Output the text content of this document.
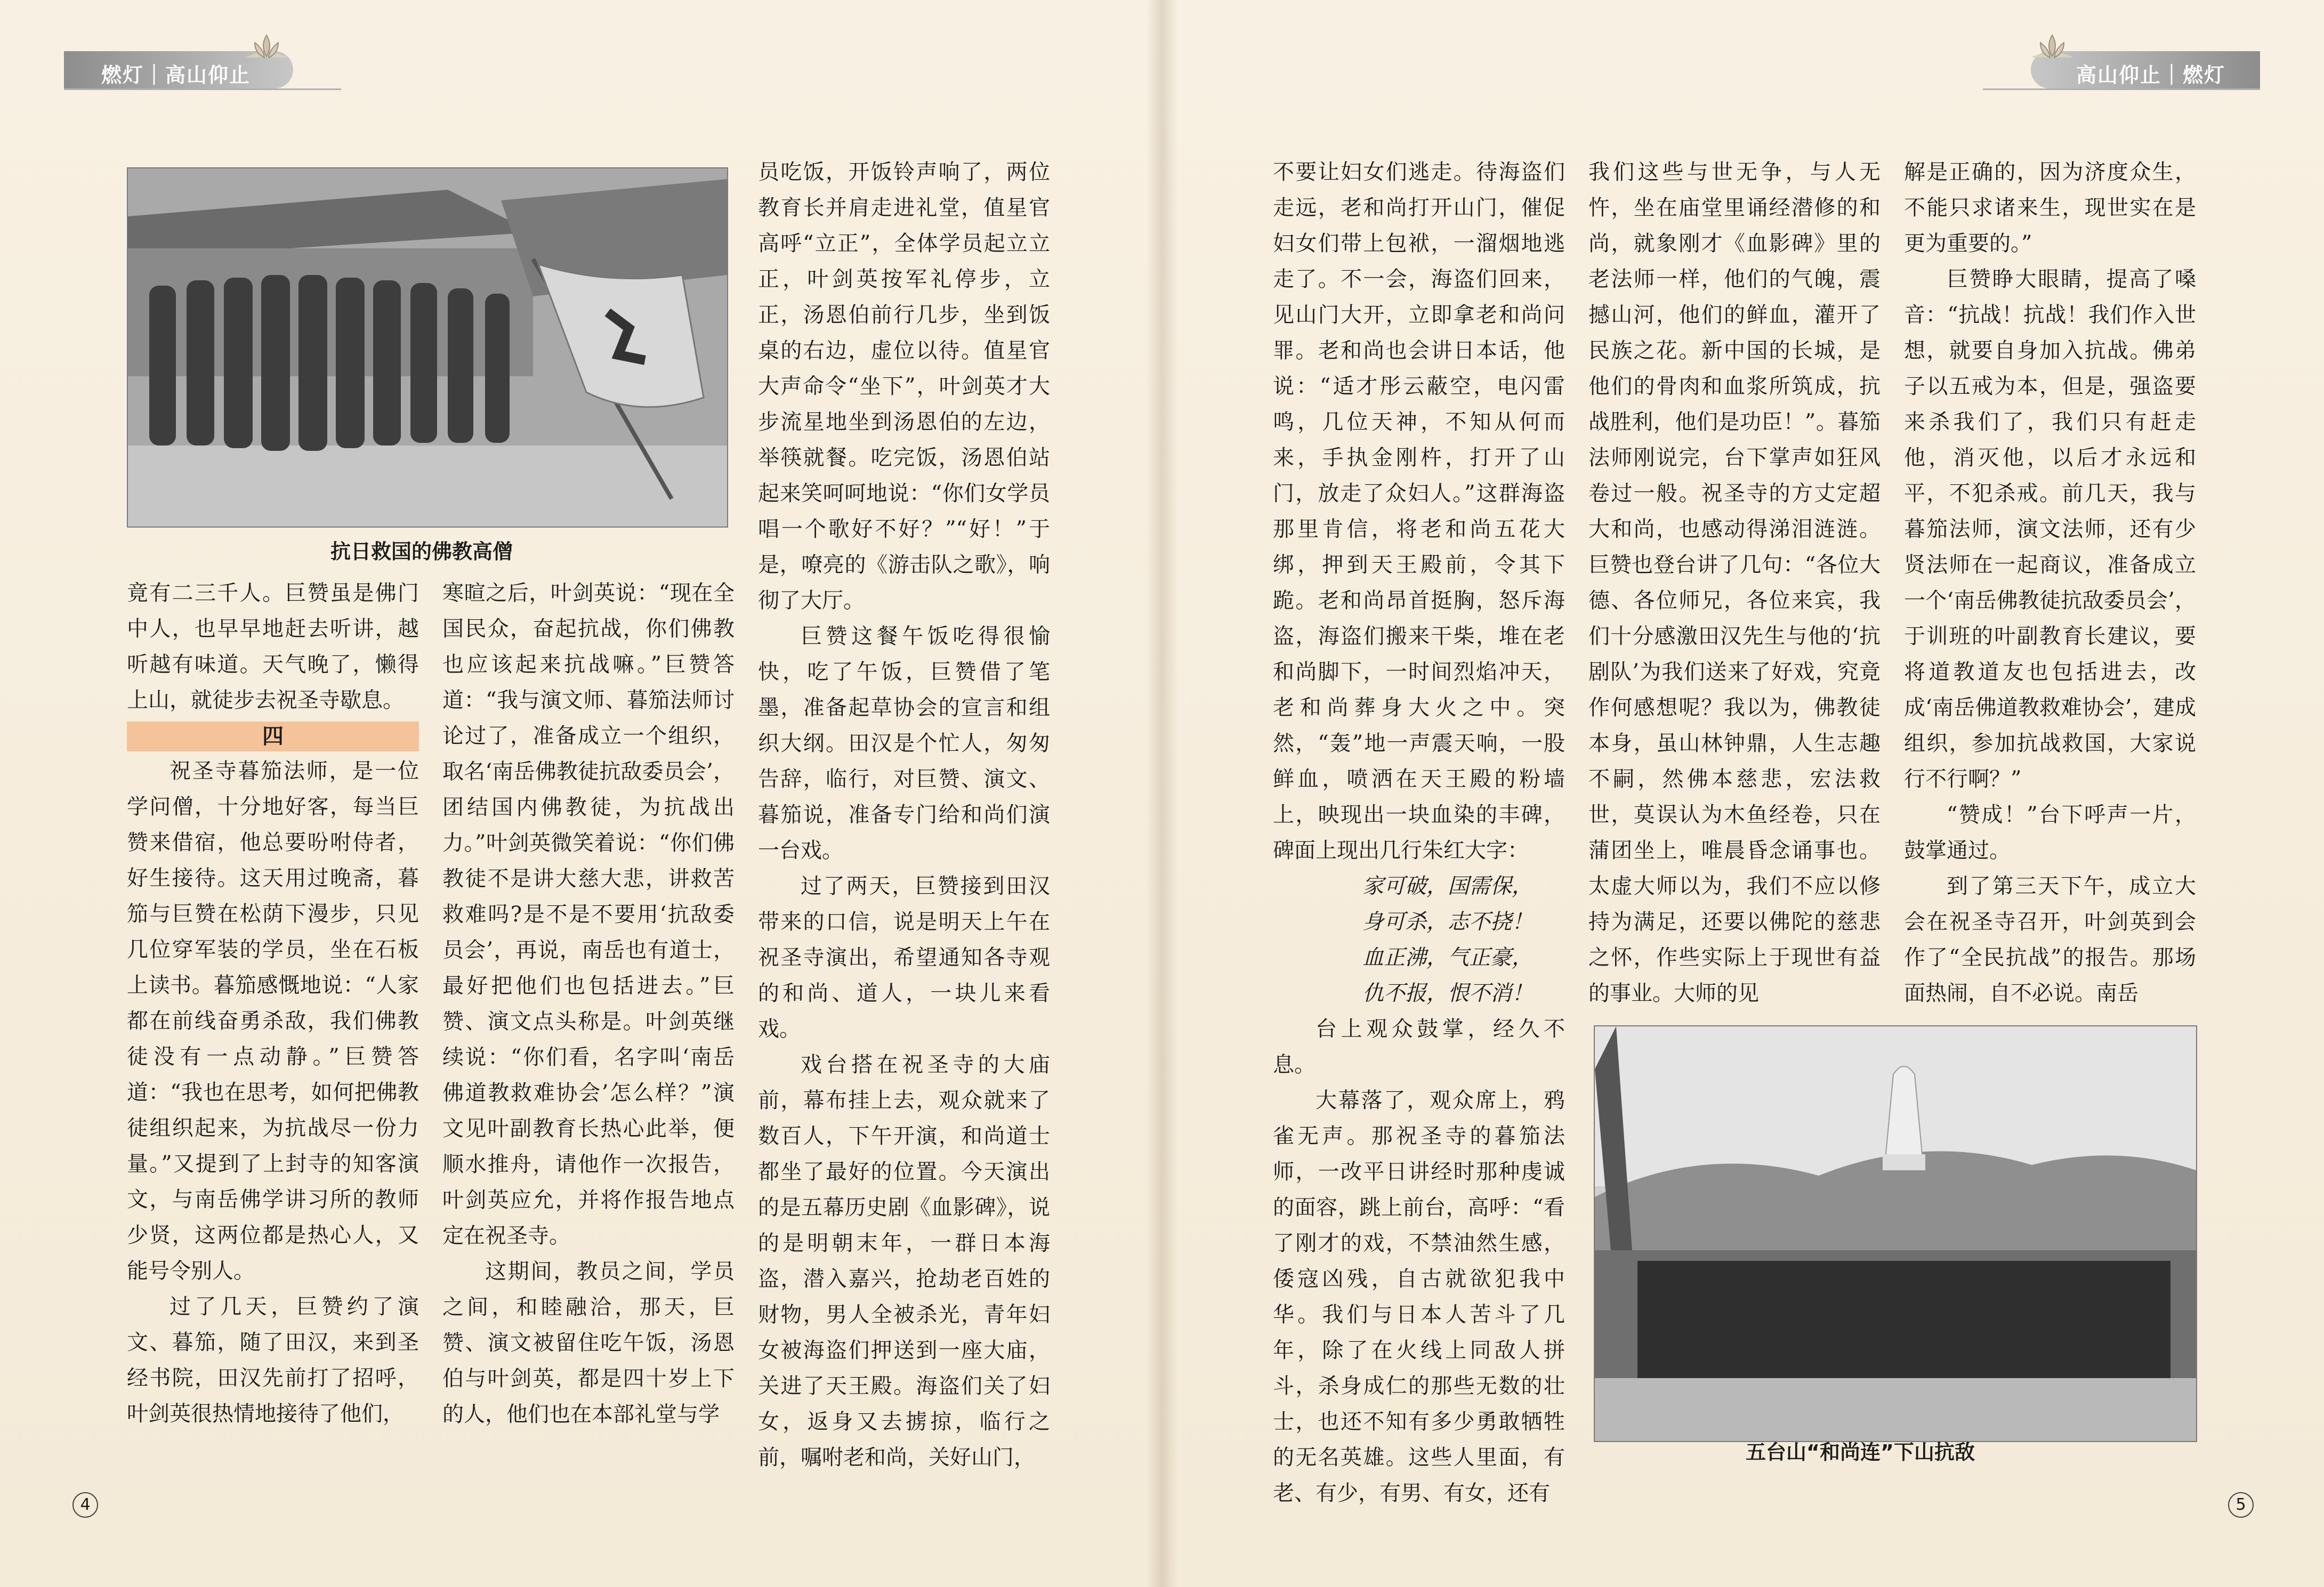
燃灯｜高山仰止	高山仰止｜燃灯
抗日救国的佛教高僧
五台山“和尚连”下山抗敌

竟有二三千人。巨赞虽是佛门中人，也早早地赶去听讲，越听越有味道。天气晚了，懒得上山，就徒步去祝圣寺歇息。

四

祝圣寺暮笳法师，是一位学问僧，十分地好客，每当巨赞来借宿，他总要吩咐侍者，好生接待。这天用过晚斋，暮笳与巨赞在松荫下漫步，只见几位穿军装的学员，坐在石板上读书。暮笳感慨地说：“人家都在前线奋勇杀敌，我们佛教徒没有一点动静。”巨赞答道：“我也在思考，如何把佛教徒组织起来，为抗战尽一份力量。”又提到了上封寺的知客演文，与南岳佛学讲习所的教师少贤，这两位都是热心人，又能号令别人。

过了几天，巨赞约了演文、暮笳，随了田汉，来到圣经书院，田汉先前打了招呼，叶剑英很热情地接待了他们，

寒暄之后，叶剑英说：“现在全国民众，奋起抗战，你们佛教也应该起来抗战嘛。”巨赞答道：“我与演文师、暮笳法师讨论过了，准备成立一个组织，取名‘南岳佛教徒抗敌委员会’，团结国内佛教徒，为抗战出力。”叶剑英微笑着说：“你们佛教徒不是讲大慈大悲，讲救苦救难吗?是不是不要用‘抗敌委员会’，再说，南岳也有道士，最好把他们也包括进去。”巨赞、演文点头称是。叶剑英继续说：“你们看，名字叫‘南岳佛道教救难协会’怎么样？”演文见叶副教育长热心此举，便顺水推舟，请他作一次报告，叶剑英应允，并将作报告地点定在祝圣寺。

这期间，教员之间，学员之间，和睦融洽，那天，巨赞、演文被留住吃午饭，汤恩伯与叶剑英，都是四十岁上下的人，他们也在本部礼堂与学

员吃饭，开饭铃声响了，两位教育长并肩走进礼堂，值星官高呼“立正”，全体学员起立立正，叶剑英按军礼停步，立正，汤恩伯前行几步，坐到饭桌的右边，虚位以待。值星官大声命令“坐下”，叶剑英才大步流星地坐到汤恩伯的左边，举筷就餐。吃完饭，汤恩伯站起来笑呵呵地说：“你们女学员唱一个歌好不好？”“好！”于是，嘹亮的《游击队之歌》，响彻了大厅。

巨赞这餐午饭吃得很愉快，吃了午饭，巨赞借了笔墨，准备起草协会的宣言和组织大纲。田汉是个忙人，匆匆告辞，临行，对巨赞、演文、暮笳说，准备专门给和尚们演一台戏。

过了两天，巨赞接到田汉带来的口信，说是明天上午在祝圣寺演出，希望通知各寺观的和尚、道人，一块儿来看戏。

戏台搭在祝圣寺的大庙前，幕布挂上去，观众就来了数百人，下午开演，和尚道士都坐了最好的位置。今天演出的是五幕历史剧《血影碑》，说的是明朝末年，一群日本海盗，潜入嘉兴，抢劫老百姓的财物，男人全被杀光，青年妇女被海盗们押送到一座大庙，关进了天王殿。海盗们关了妇女，返身又去掳掠，临行之前，嘱咐老和尚，关好山门，

不要让妇女们逃走。待海盗们走远，老和尚打开山门，催促妇女们带上包袱，一溜烟地逃走了。不一会，海盗们回来，见山门大开，立即拿老和尚问罪。老和尚也会讲日本话，他说：“适才彤云蔽空，电闪雷鸣，几位天神，不知从何而来，手执金刚杵，打开了山门，放走了众妇人。”这群海盗那里肯信，将老和尚五花大绑，押到天王殿前，令其下跪。老和尚昂首挺胸，怒斥海盗，海盗们搬来干柴，堆在老和尚脚下，一时间烈焰冲天，老和尚葬身大火之中。突然，“轰”地一声震天响，一股鲜血，喷洒在天王殿的粉墙上，映现出一块血染的丰碑，碑面上现出几行朱红大字：

家可破，国需保，

身可杀，志不挠！

血正沸，气正豪，

仇不报，恨不消！

台上观众鼓掌，经久不息。

大幕落了，观众席上，鸦雀无声。那祝圣寺的暮笳法师，一改平日讲经时那种虔诚的面容，跳上前台，高呼：“看了刚才的戏，不禁油然生感，倭寇凶残，自古就欲犯我中华。我们与日本人苦斗了几年，除了在火线上同敌人拼斗，杀身成仁的那些无数的壮士，也还不知有多少勇敢牺牲的无名英雄。这些人里面，有老、有少，有男、有女，还有

我们这些与世无争，与人无忤，坐在庙堂里诵经潜修的和尚，就象刚才《血影碑》里的老法师一样，他们的气魄，震撼山河，他们的鲜血，灌开了民族之花。新中国的长城，是他们的骨肉和血浆所筑成，抗战胜利，他们是功臣！”。暮笳法师刚说完，台下掌声如狂风卷过一般。祝圣寺的方丈定超大和尚，也感动得涕泪涟涟。巨赞也登台讲了几句：“各位大德、各位师兄，各位来宾，我们十分感激田汉先生与他的‘抗剧队’为我们送来了好戏，究竟作何感想呢？我以为，佛教徒本身，虽山林钟鼎，人生志趣不嗣，然佛本慈悲，宏法救世，莫误认为木鱼经卷，只在蒲团坐上，唯晨昏念诵事也。太虚大师以为，我们不应以修持为满足，还要以佛陀的慈悲之怀，作些实际上于现世有益的事业。大师的见

解是正确的，因为济度众生，不能只求诸来生，现世实在是更为重要的。”

巨赞睁大眼睛，提高了嗓音：“抗战！抗战！我们作入世想，就要自身加入抗战。佛弟子以五戒为本，但是，强盗要来杀我们了，我们只有赶走他，消灭他，以后才永远和平，不犯杀戒。前几天，我与暮笳法师，演文法师，还有少贤法师在一起商议，准备成立一个‘南岳佛教徒抗敌委员会’，于训班的叶副教育长建议，要将道教道友也包括进去，改成‘南岳佛道教救难协会’，建成组织，参加抗战救国，大家说行不行啊？”

“赞成！”台下呼声一片，鼓掌通过。

到了第三天下午，成立大会在祝圣寺召开，叶剑英到会作了“全民抗战”的报告。那场面热闹，自不必说。南岳

4	5
